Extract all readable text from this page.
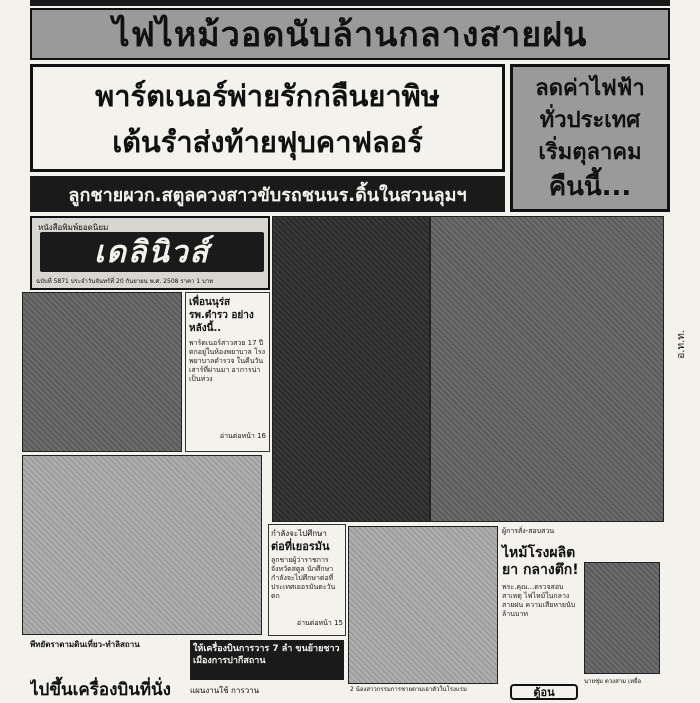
ไฟไหม้วอดนับล้านกลางสายฝน
พาร์ตเนอร์พ่ายรักกลืนยาพิษ
เต้นรำส่งท้ายฟุบคาฟลอร์
ลดค่าไฟฟ้า
ทั่วประเทศ
เริ่มตุลาคม
คืนนี้...
ลูกชายผวก.สตูลควงสาวขับรถชนนร.ดิ้นในสวนลุมฯ
หนังสือพิมพ์ยอดนิยม
เดลินิวส์
ฉบับที่ 5871 ประจำวันจันทร์ที่ 20 กันยายน พ.ศ. 2508 ราคา 1 บาท
เพื่อนนุร่ส รพ.ตำรว อย่างหลังนี้..
พาร์ตเนอร์สาวสวย 17 ปี ตกอยู่ในห้องพยาบาล โรงพยาบาลตำรวจ ในคืนวันเสาร์ที่ผ่านมา อาการน่าเป็นห่วง
อ่านต่อหน้า 16
อ.ท.ท.
พีทยัตราตามดินเที่ยว-ทำลิสถาน
ไปขึ้นเครื่องบินที่นั่ง
กำลังจะไปศึกษา
ต่อที่เยอรมัน
ลูกชายผู้ว่าราชการ จังหวัดสตูล นักศึกษากำลังจะไปศึกษาต่อที่ประเทศเยอรมันตะวันตก
อ่านต่อหน้า 15
2 น้องสาวกรรมการชายตามเอาตัวในโรงแรม
ให้เครื่องบินการวาร 7 ลำ ขนย้ายชาวเมืองการปากีสถาน
แผนงานใช้ การวาน
ผู้การสั่ง-สอบสวน
ไหม้โรงผลิตยา กลางตึก!
พระ.คุณ...ตรวจสอบสาเหตุ ไฟไหม้ในกลางสายฝน ความเสียหายนับล้านบาท
นายชุ่ม ตวงสาม เหยื่อ
ตู้อน
